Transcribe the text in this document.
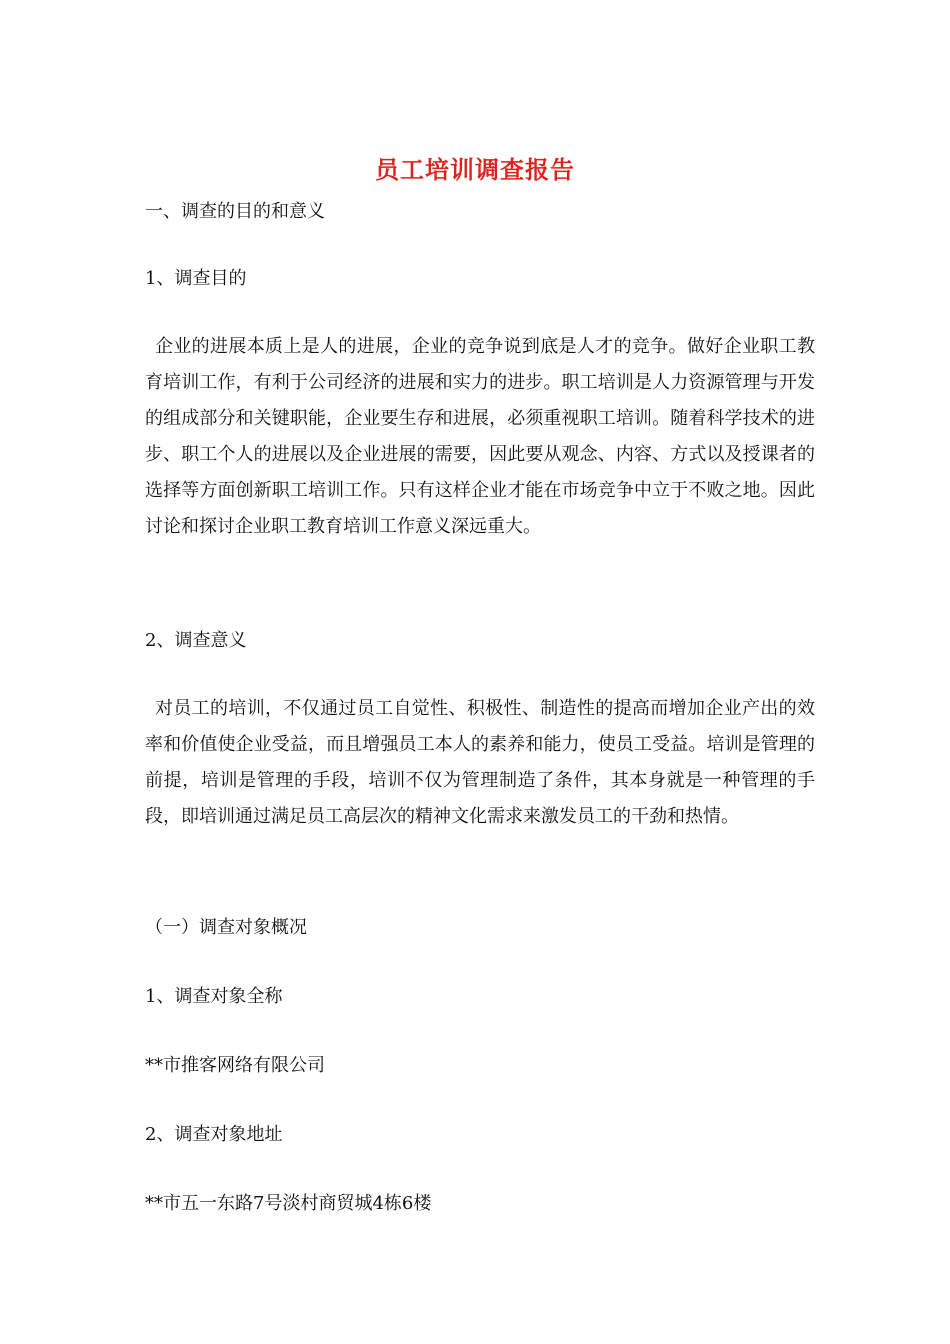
员工培训调查报告
一、调查的目的和意义
1、调查目的

企业的进展本质上是人的进展，企业的竞争说到底是人才的竞争。做好企业职工教育培训工作，有利于公司经济的进展和实力的进步。职工培训是人力资源管理与开发的组成部分和关键职能，企业要生存和进展，必须重视职工培训。随着科学技术的进步、职工个人的进展以及企业进展的需要，因此要从观念、内容、方式以及授课者的选择等方面创新职工培训工作。只有这样企业才能在市场竞争中立于不败之地。因此讨论和探讨企业职工教育培训工作意义深远重大。

2、调查意义

对员工的培训，不仅通过员工自觉性、积极性、制造性的提高而增加企业产出的效率和价值使企业受益，而且增强员工本人的素养和能力，使员工受益。培训是管理的前提，培训是管理的手段，培训不仅为管理制造了条件，其本身就是一种管理的手段，即培训通过满足员工高层次的精神文化需求来激发员工的干劲和热情。

（一）调查对象概况
1、调查对象全称
**市推客网络有限公司
2、调查对象地址
**市五一东路7号淡村商贸城4栋6楼
